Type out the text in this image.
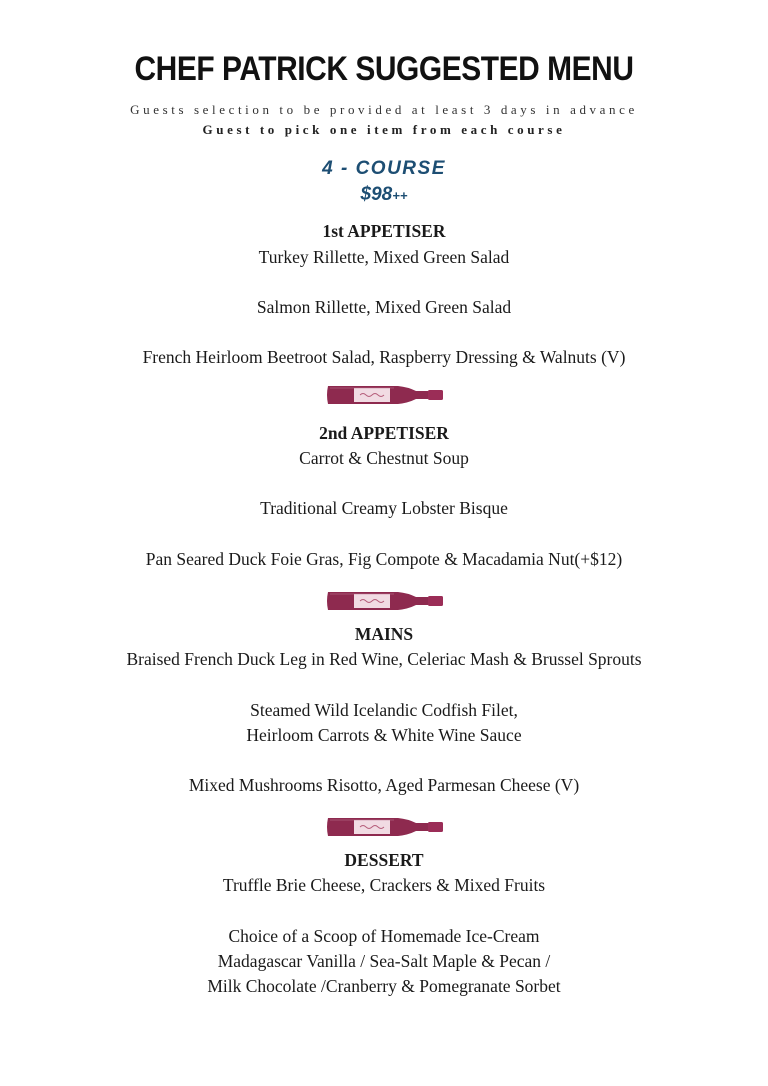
CHEF PATRICK SUGGESTED MENU
Guests selection to be provided at least 3 days in advance
Guest to pick one item from each course
4 - COURSE
$98++
1st APPETISER
Turkey Rillette, Mixed Green Salad
Salmon Rillette, Mixed Green Salad
French Heirloom Beetroot Salad, Raspberry Dressing & Walnuts (V)
2nd APPETISER
Carrot & Chestnut Soup
Traditional Creamy Lobster Bisque
Pan Seared Duck Foie Gras, Fig Compote & Macadamia Nut(+$12)
MAINS
Braised French Duck Leg in Red Wine, Celeriac Mash & Brussel Sprouts
Steamed Wild Icelandic Codfish Filet,
Heirloom Carrots & White Wine Sauce
Mixed Mushrooms Risotto, Aged Parmesan Cheese (V)
DESSERT
Truffle Brie Cheese, Crackers & Mixed Fruits
Choice of a Scoop of Homemade Ice-Cream
Madagascar Vanilla / Sea-Salt Maple & Pecan /
Milk Chocolate /Cranberry & Pomegranate Sorbet
